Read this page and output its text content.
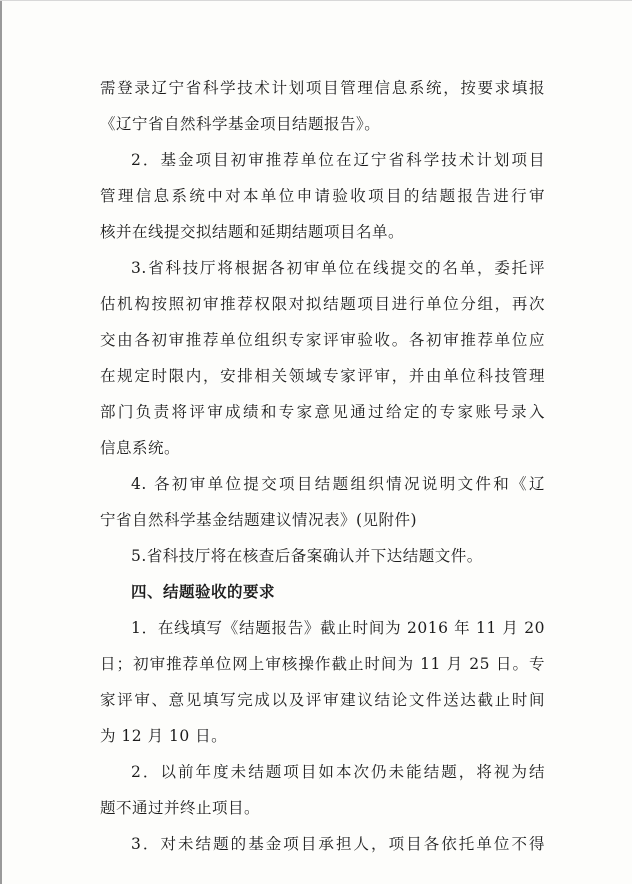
需登录辽宁省科学技术计划项目管理信息系统，按要求填报
《辽宁省自然科学基金项目结题报告》。
2．基金项目初审推荐单位在辽宁省科学技术计划项目
管理信息系统中对本单位申请验收项目的结题报告进行审
核并在线提交拟结题和延期结题项目名单。
3.省科技厅将根据各初审单位在线提交的名单，委托评
估机构按照初审推荐权限对拟结题项目进行单位分组，再次
交由各初审推荐单位组织专家评审验收。各初审推荐单位应
在规定时限内，安排相关领域专家评审，并由单位科技管理
部门负责将评审成绩和专家意见通过给定的专家账号录入
信息系统。
4. 各初审单位提交项目结题组织情况说明文件和《辽
宁省自然科学基金结题建议情况表》(见附件)
5.省科技厅将在核查后备案确认并下达结题文件。
四、结题验收的要求
1．在线填写《结题报告》截止时间为 2016 年 11 月 20
日；初审推荐单位网上审核操作截止时间为 11 月 25 日。专
家评审、意见填写完成以及评审建议结论文件送达截止时间
为 12 月 10 日。
2．以前年度未结题项目如本次仍未能结题，将视为结
题不通过并终止项目。
3．对未结题的基金项目承担人，项目各依托单位不得
